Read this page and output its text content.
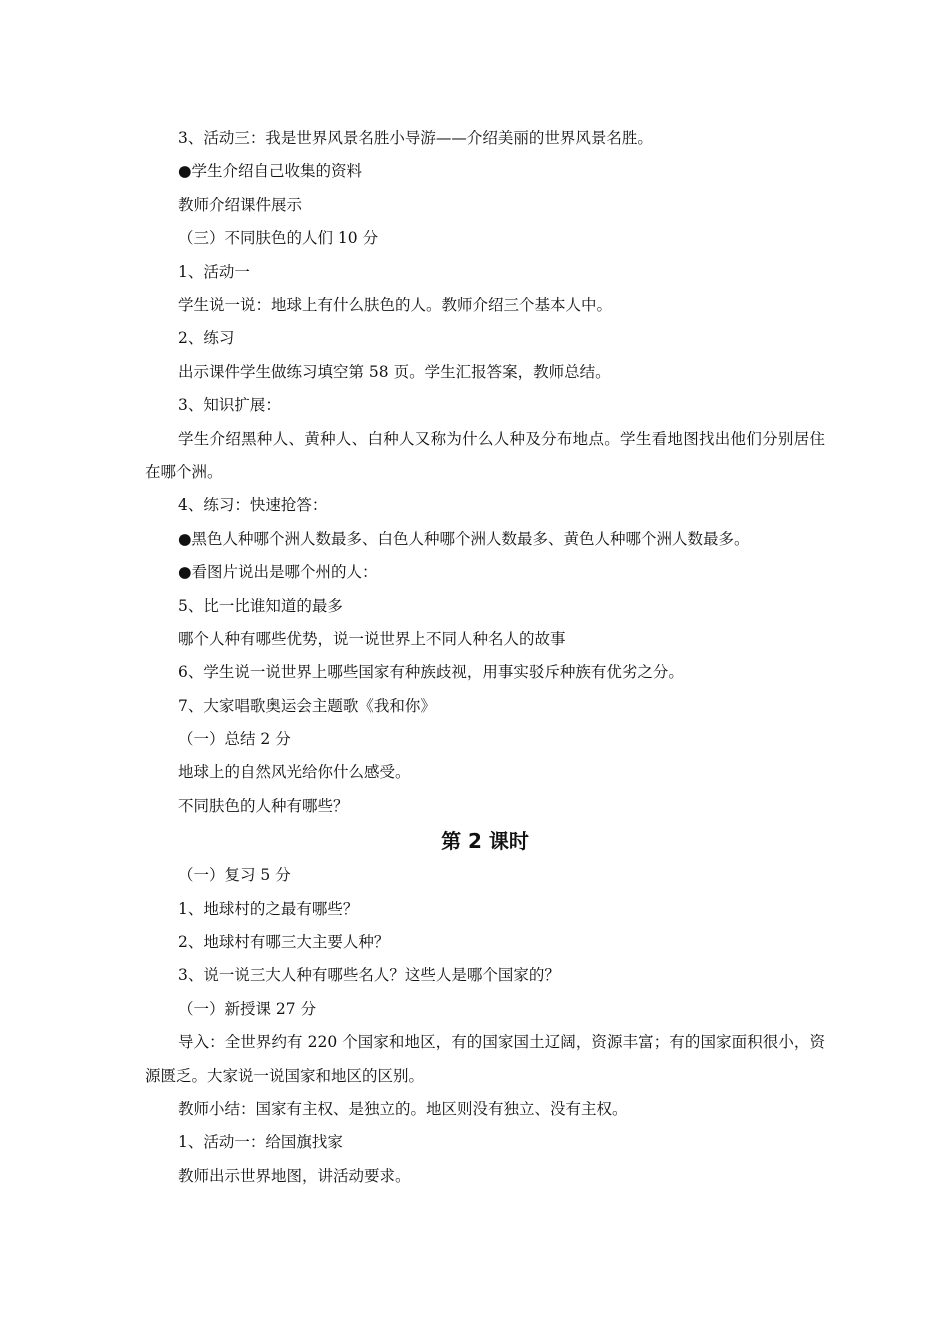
3、活动三：我是世界风景名胜小导游——介绍美丽的世界风景名胜。
●学生介绍自己收集的资料
教师介绍课件展示
（三）不同肤色的人们 10 分
1、活动一
学生说一说：地球上有什么肤色的人。教师介绍三个基本人中。
2、练习
出示课件学生做练习填空第 58 页。学生汇报答案，教师总结。
3、知识扩展：
学生介绍黑种人、黄种人、白种人又称为什么人种及分布地点。学生看地图找出他们分别居住在哪个洲。
4、练习：快速抢答：
●黑色人种哪个洲人数最多、白色人种哪个洲人数最多、黄色人种哪个洲人数最多。
●看图片说出是哪个州的人：
5、比一比谁知道的最多
哪个人种有哪些优势，说一说世界上不同人种名人的故事
6、学生说一说世界上哪些国家有种族歧视，用事实驳斥种族有优劣之分。
7、大家唱歌奥运会主题歌《我和你》
（一）总结 2 分
地球上的自然风光给你什么感受。
不同肤色的人种有哪些？
第 2 课时
（一）复习 5 分
1、地球村的之最有哪些？
2、地球村有哪三大主要人种？
3、说一说三大人种有哪些名人？这些人是哪个国家的？
（一）新授课 27 分
导入：全世界约有 220 个国家和地区，有的国家国土辽阔，资源丰富；有的国家面积很小，资源匮乏。大家说一说国家和地区的区别。
教师小结：国家有主权、是独立的。地区则没有独立、没有主权。
1、活动一：给国旗找家
教师出示世界地图，讲活动要求。
